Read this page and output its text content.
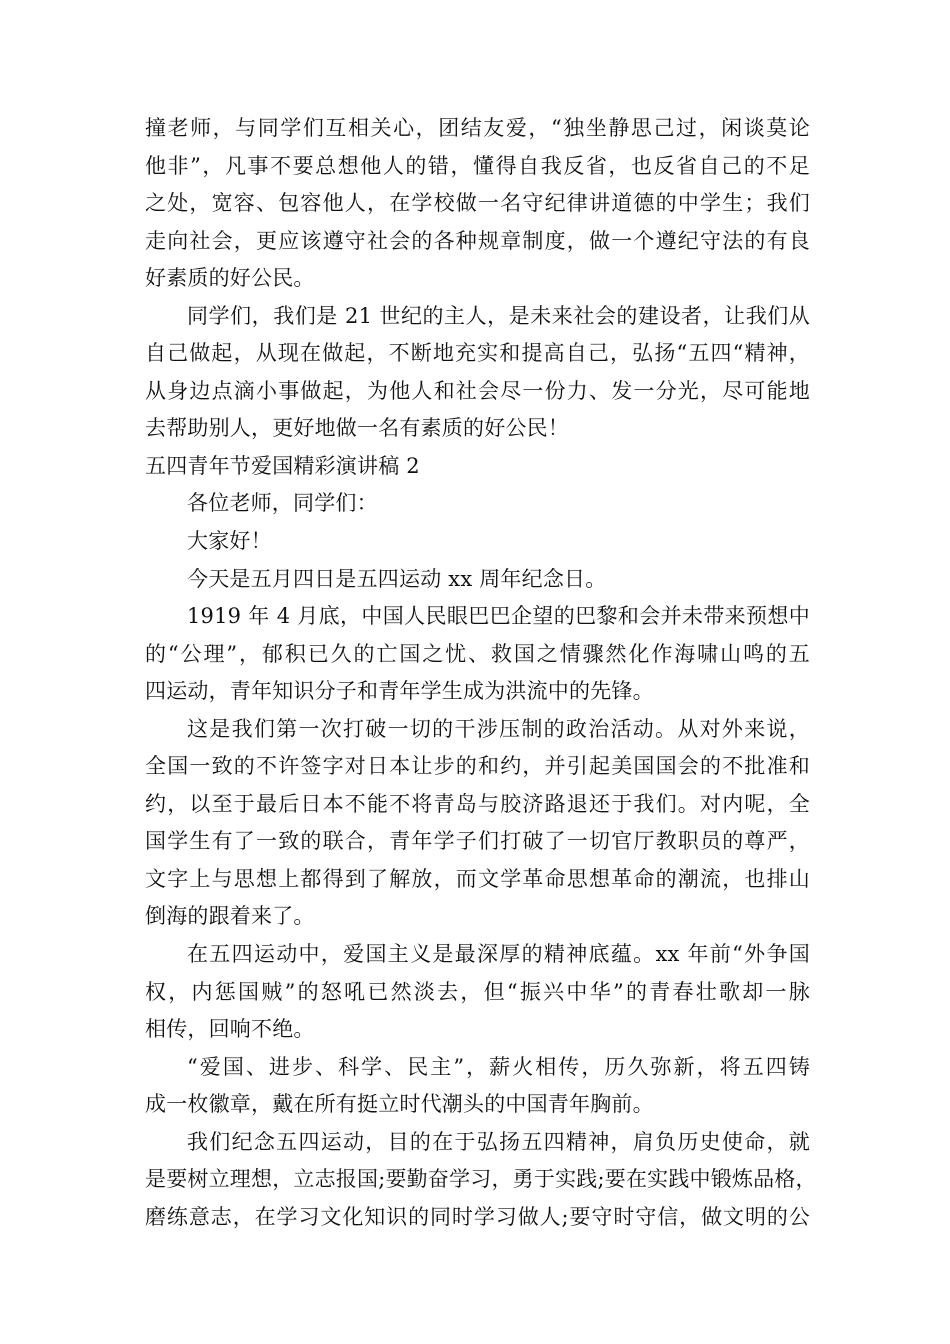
撞老师，与同学们互相关心，团结友爱，“独坐静思己过，闲谈莫论
他非”，凡事不要总想他人的错，懂得自我反省，也反省自己的不足
之处，宽容、包容他人，在学校做一名守纪律讲道德的中学生；我们
走向社会，更应该遵守社会的各种规章制度，做一个遵纪守法的有良
好素质的好公民。
同学们，我们是 21 世纪的主人，是未来社会的建设者，让我们从
自己做起，从现在做起，不断地充实和提高自己，弘扬“五四“精神，
从身边点滴小事做起，为他人和社会尽一份力、发一分光，尽可能地
去帮助别人，更好地做一名有素质的好公民！
五四青年节爱国精彩演讲稿 2
各位老师，同学们：
大家好！
今天是五月四日是五四运动 xx 周年纪念日。
1919 年 4 月底，中国人民眼巴巴企望的巴黎和会并未带来预想中
的“公理”，郁积已久的亡国之忧、救国之情骤然化作海啸山鸣的五
四运动，青年知识分子和青年学生成为洪流中的先锋。
这是我们第一次打破一切的干涉压制的政治活动。从对外来说，
全国一致的不许签字对日本让步的和约，并引起美国国会的不批准和
约，以至于最后日本不能不将青岛与胶济路退还于我们。对内呢，全
国学生有了一致的联合，青年学子们打破了一切官厅教职员的尊严，
文字上与思想上都得到了解放，而文学革命思想革命的潮流，也排山
倒海的跟着来了。
在五四运动中，爱国主义是最深厚的精神底蕴。xx 年前“外争国
权，内惩国贼”的怒吼已然淡去，但“振兴中华”的青春壮歌却一脉
相传，回响不绝。
“爱国、进步、科学、民主”，薪火相传，历久弥新，将五四铸
成一枚徽章，戴在所有挺立时代潮头的中国青年胸前。
我们纪念五四运动，目的在于弘扬五四精神，肩负历史使命，就
是要树立理想，立志报国;要勤奋学习，勇于实践;要在实践中锻炼品格，
磨练意志，在学习文化知识的同时学习做人;要守时守信，做文明的公
